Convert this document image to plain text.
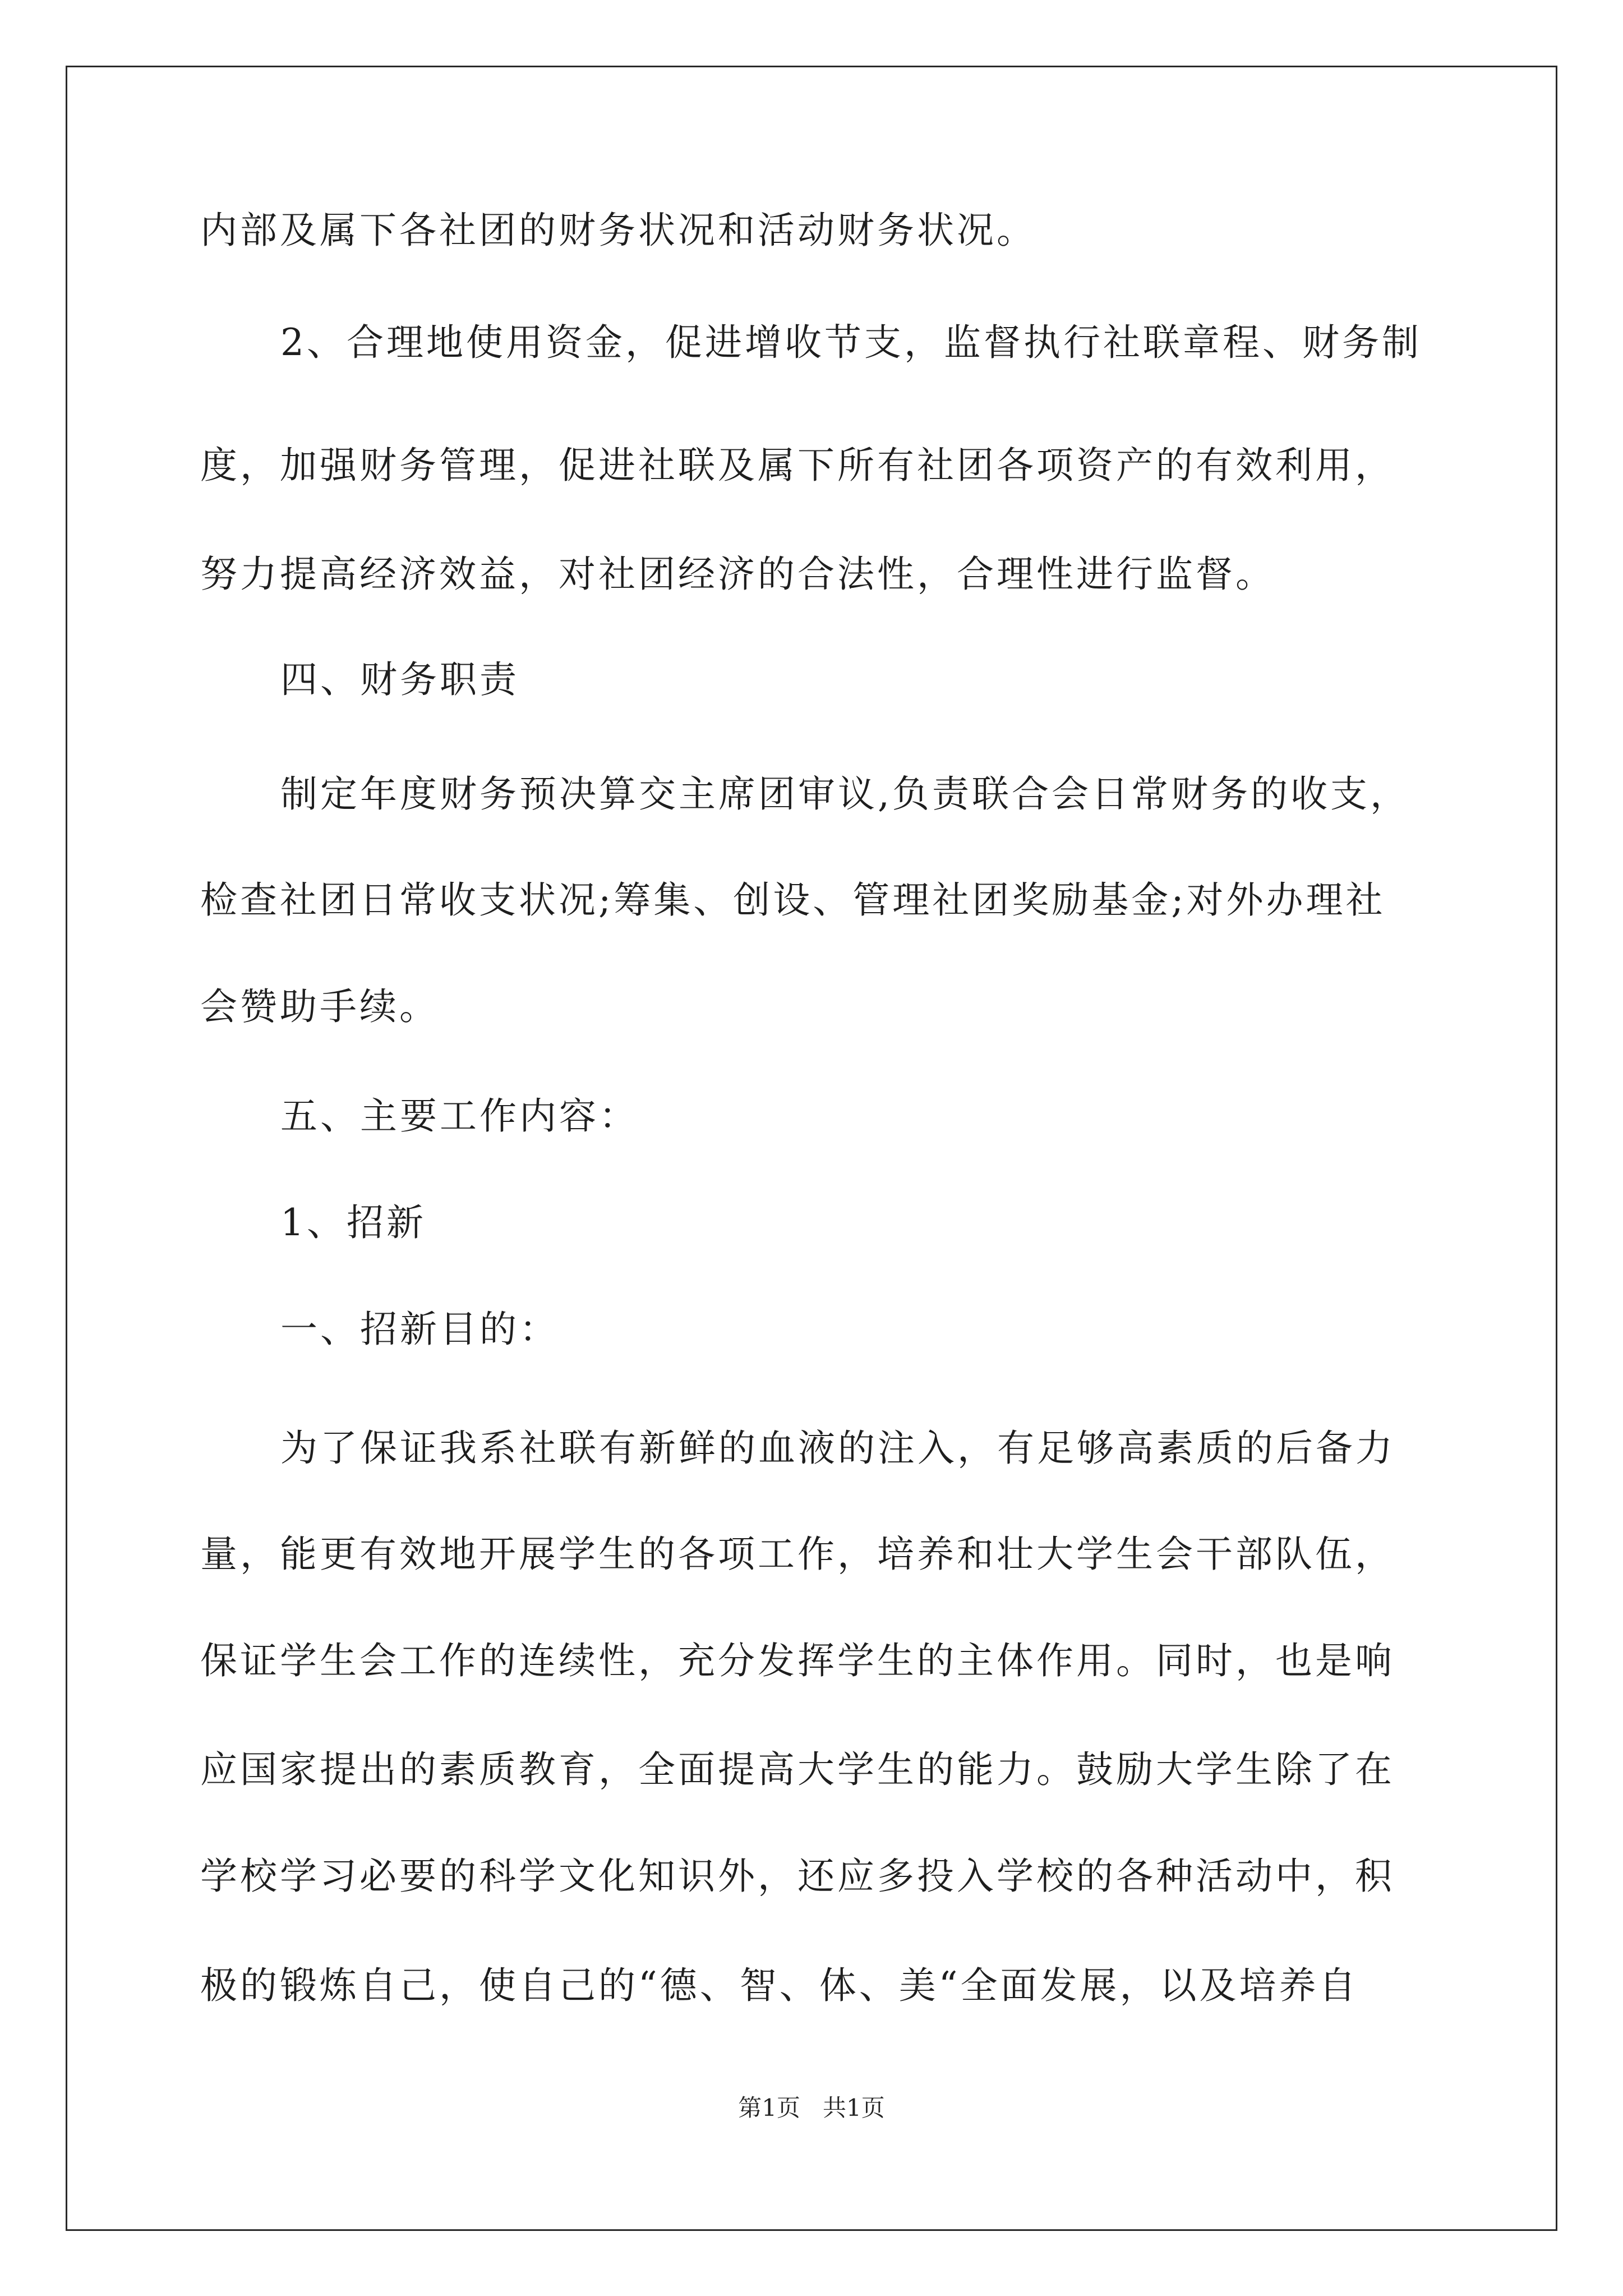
内部及属下各社团的财务状况和活动财务状况。
2、合理地使用资金，促进增收节支，监督执行社联章程、财务制
度，加强财务管理，促进社联及属下所有社团各项资产的有效利用，
努力提高经济效益，对社团经济的合法性，合理性进行监督。
四、财务职责
制定年度财务预决算交主席团审议,负责联合会日常财务的收支，
检查社团日常收支状况;筹集、创设、管理社团奖励基金;对外办理社
会赞助手续。
五、主要工作内容：
1、招新
一、招新目的：
为了保证我系社联有新鲜的血液的注入，有足够高素质的后备力
量，能更有效地开展学生的各项工作，培养和壮大学生会干部队伍，
保证学生会工作的连续性，充分发挥学生的主体作用。同时，也是响
应国家提出的素质教育，全面提高大学生的能力。鼓励大学生除了在
学校学习必要的科学文化知识外，还应多投入学校的各种活动中，积
极的锻炼自己，使自己的“德、智、体、美“全面发展，以及培养自
第1页   共1页
